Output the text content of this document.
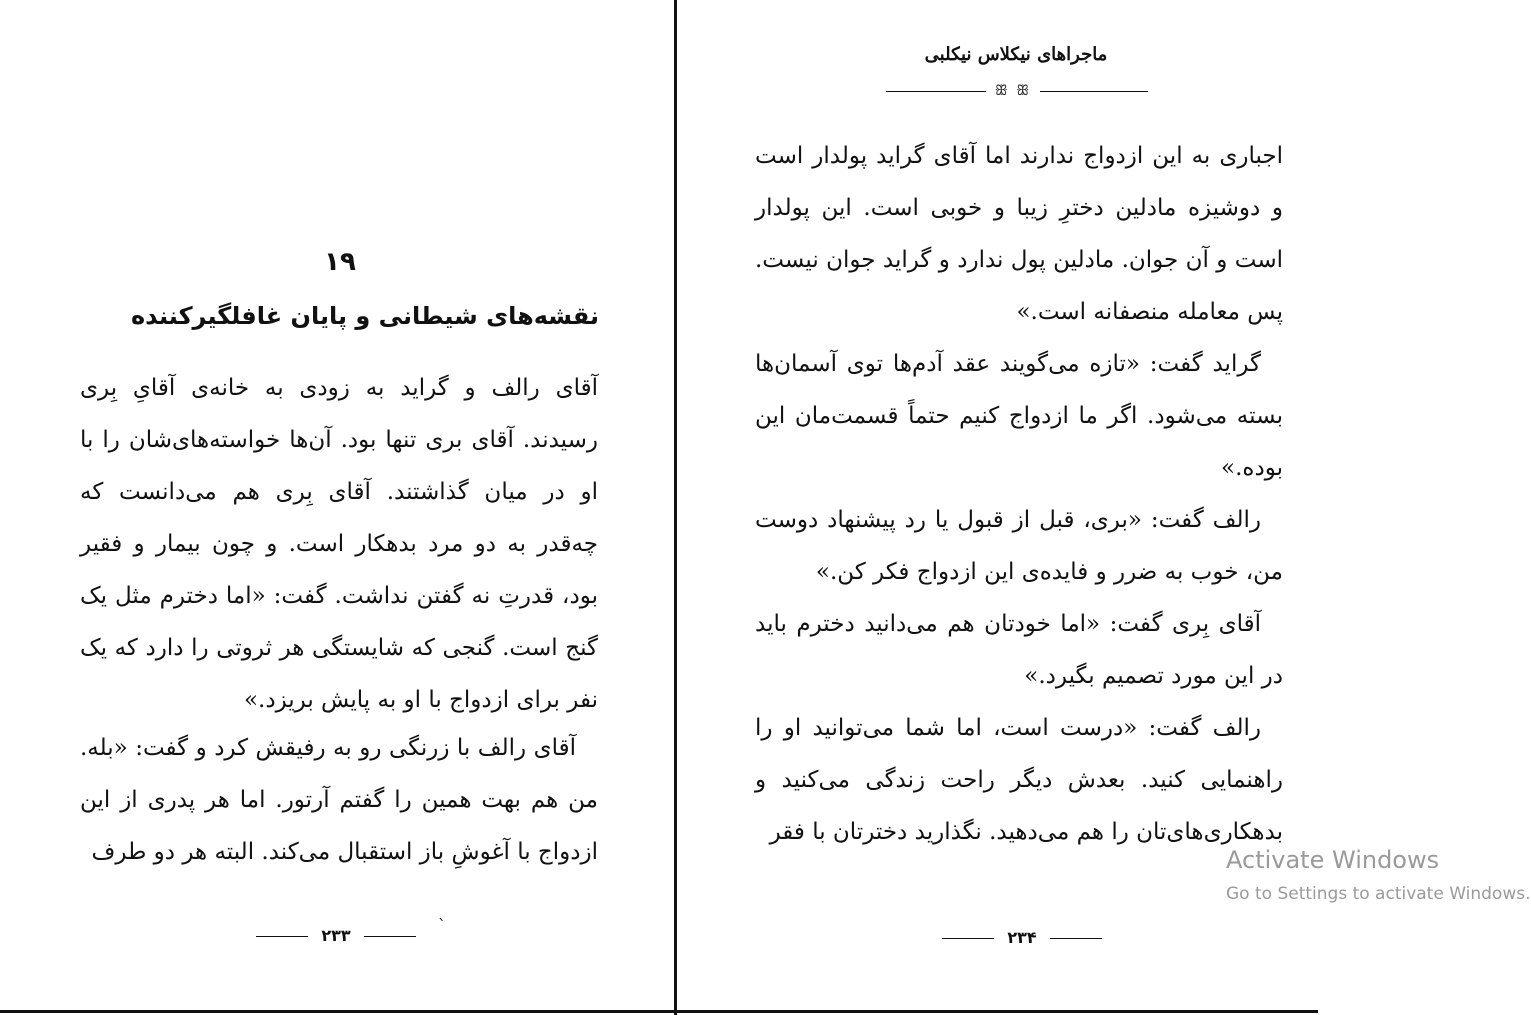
۱۹
نقشه‌های شیطانی و پایان غافلگیرکننده

آقای رالف و گراید به زودی به خانه‌ی آقایِ بِری رسیدند. آقای بری تنها بود. آن‌ها خواسته‌های‌شان را با او در میان گذاشتند. آقای بِری هم می‌دانست که چه‌قدر به دو مرد بدهکار است. و چون بیمار و فقیر بود، قدرتِ نه گفتن نداشت. گفت: «اما دخترم مثل یک گنج است. گنجی که شایستگی هر ثروتی را دارد که یک نفر برای ازدواج با او به پایش بریزد.»

آقای رالف با زرنگی رو به رفیقش کرد و گفت: «بله. من هم بهت همین را گفتم آرتور. اما هر پدری از این ازدواج با آغوشِ باز استقبال می‌کند. البته هر دو طرف

۲۳۳
`
ماجراهای نیکلاس نیکلبی
ꕥ ꕥ

اجباری به این ازدواج ندارند اما آقای گراید پولدار است و دوشیزه مادلین دخترِ زیبا و خوبی است. این پولدار است و آن جوان. مادلین پول ندارد و گراید جوان نیست. پس معامله منصفانه است.»

گراید گفت: «تازه می‌گویند عقد آدم‌ها توی آسمان‌ها بسته می‌شود. اگر ما ازدواج کنیم حتماً قسمت‌مان این بوده.»

رالف گفت: «بری، قبل از قبول یا رد پیشنهاد دوست من، خوب به ضرر و فایده‌ی این ازدواج فکر کن.»

آقای بِری گفت: «اما خودتان هم می‌دانید دخترم باید در این مورد تصمیم بگیرد.»

رالف گفت: «درست است، اما شما می‌توانید او را راهنمایی کنید. بعدش دیگر راحت زندگی می‌کنید و بدهکاری‌های‌تان را هم می‌دهید. نگذارید دخترتان با فقر

۲۳۴
Activate Windows
Go to Settings to activate Windows.
